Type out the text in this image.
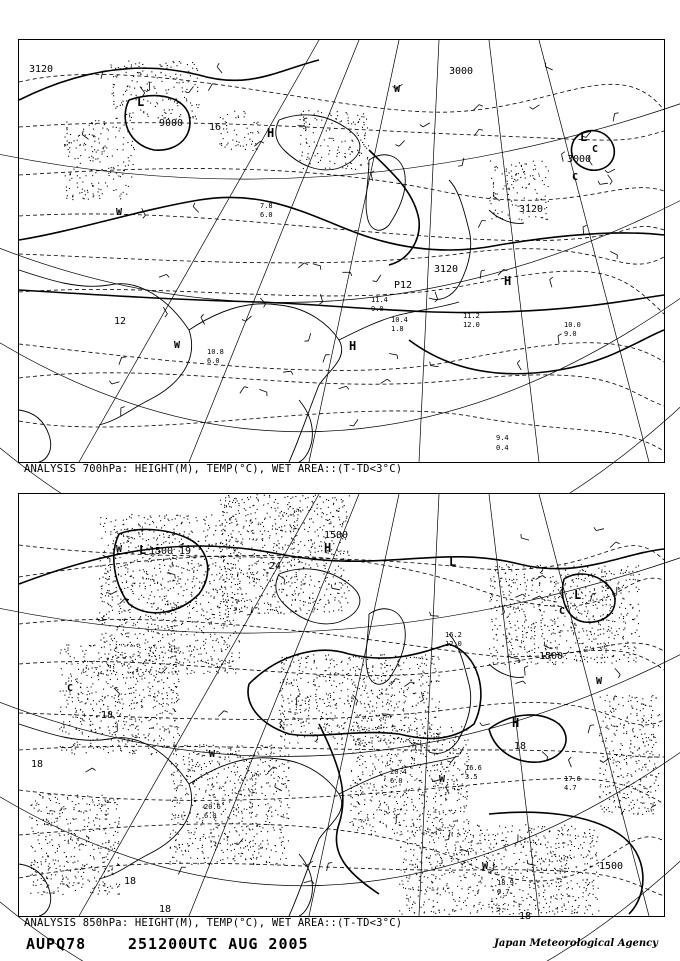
3120
9000
3000
3000
3120
3120
12
16
P12
L
L
H
H
H
W
W
W
C
C
9.4
0.4
10.8
6.0
11.2
12.0
10.4
1.8
11.4
9.0
10.0
9.0
7.8
6.0
ANALYSIS 700hPa: HEIGHT(M), TEMP(°C), WET AREA::(T-TD<3°C)
1500
1500
1500
1500
18
18
18
18
18
18
24
19
L
L
L
H
H
W
W
W
W
W
C
C
16.6
3.5	17.6
4.7
20.6
6.0
18.9
0.7
20.4
6.0
16.2
12.0
ANALYSIS 850hPa: HEIGHT(M), TEMP(°C), WET AREA::(T-TD<3°C)
AUPQ78	251200UTC AUG 2005	Japan Meteorological Agency
